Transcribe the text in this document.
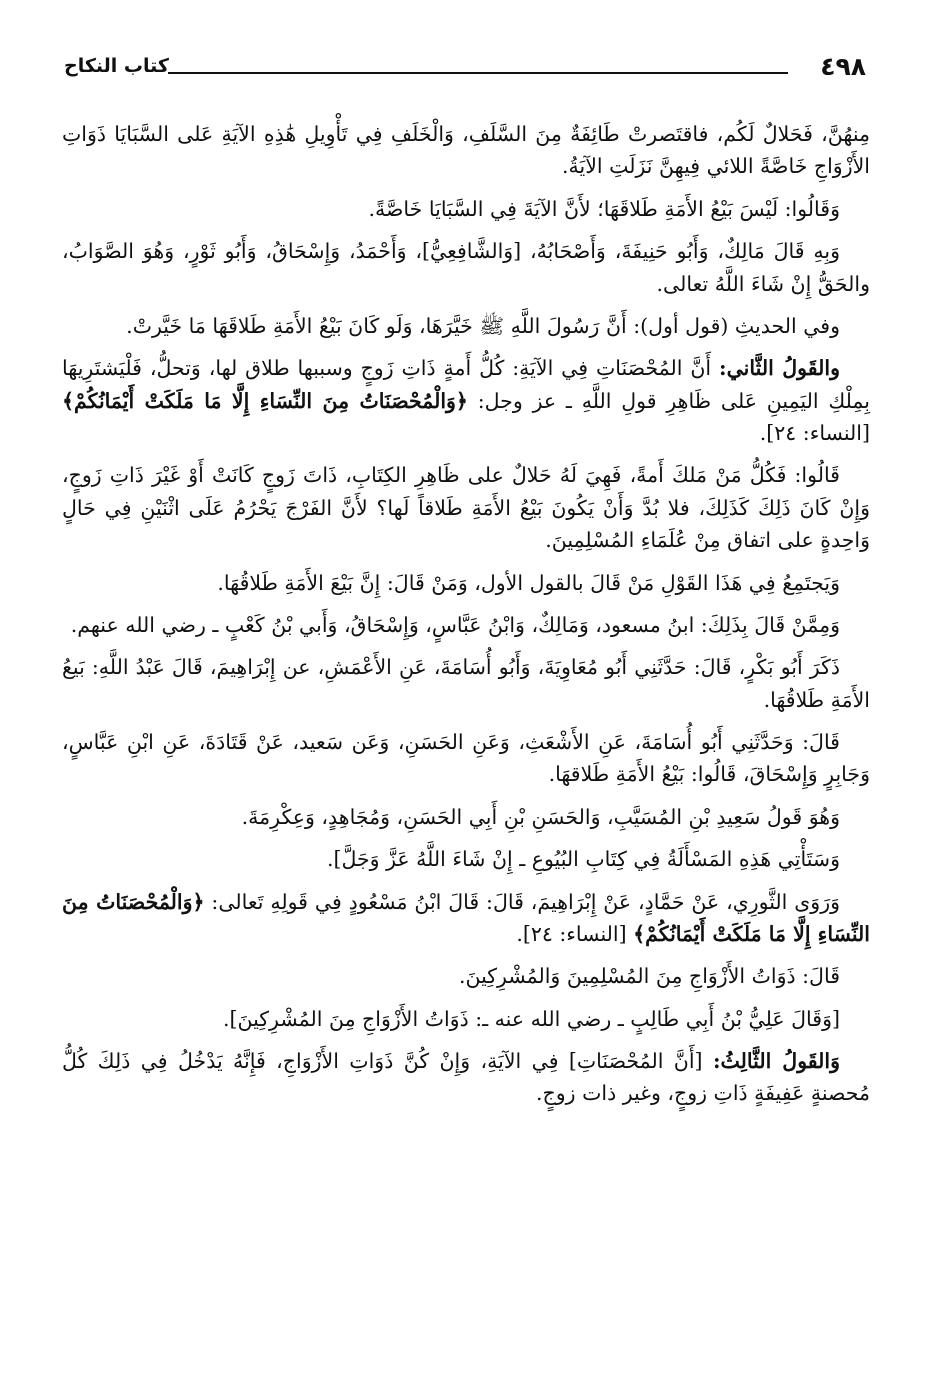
٤٩٨
كتاب النكاح

مِنهُنَّ، فَحَلالٌ لَكُم، فاقتَصرتْ طَائِفَةٌ مِنَ السَّلَفِ، وَالْخَلَفِ فِي تَأْوِيلِ هَٰذِهِ الآيَةِ عَلى السَّبَايَا ذَوَاتِ الأَزْوَاجِ خَاصَّةً اللائي فِيهِنَّ نَزَلَتِ الآيَةُ.

وَقَالُوا: لَيْسَ بَيْعُ الأَمَةِ طَلاقَهَا؛ لأَنَّ الآيَةَ فِي السَّبَايَا خَاصَّةً.

وَبِهِ قَالَ مَالِكٌ، وَأَبُو حَنِيفَةَ، وَأَصْحَابُهُ، [وَالشَّافِعِيُّ]، وَأَحْمَدُ، وَإِسْحَاقُ، وَأَبُو ثَوْرٍ، وَهُوَ الصَّوَابُ، والحَقُّ إِنْ شَاءَ اللَّهُ تعالى.

وفي الحديثِ (قول أول): أَنَّ رَسُولَ اللَّهِ ﷺ خَيَّرَهَا، وَلَو كَانَ بَيْعُ الأَمَةِ طَلاقَهَا مَا خَيَّرتْ.

والقَولُ الثَّاني: أَنَّ المُحْصَنَاتِ فِي الآيَةِ: كُلُّ أَمةٍ ذَاتِ زَوجٍ وسببها طلاق لها، وَتحلُّ، فَلْيَشتَرِيهَا بِمِلْكِ اليَمِينِ عَلى ظَاهِرِ قولِ اللَّهِ ـ عز وجل: ﴿وَالْمُحْصَنَاتُ مِنَ النِّسَاءِ إِلَّا مَا مَلَكَتْ أَيْمَانُكُمْ﴾ [النساء: ٢٤].

قَالُوا: فَكُلُّ مَنْ مَلكَ أَمةً، فَهِيَ لَهُ حَلالٌ على ظَاهِرِ الكِتَابِ، ذَاتَ زَوجٍ كَانَتْ أَوْ غَيْرَ ذَاتِ زَوجٍ، وَإِنْ كَانَ ذَلِكَ كَذَلِكَ، فلا بُدَّ وَأَنْ يَكُونَ بَيْعُ الأَمَةِ طَلاقاً لَها؟ لأَنَّ الفَرْجَ يَحْرُمُ عَلَى اثْنَيْنِ فِي حَالٍ وَاحِدةٍ على اتفاق مِنْ عُلَمَاءِ المُسْلِمِينَ.

وَيَجتَمِعُ فِي هَذَا القَوْلِ مَنْ قَالَ بالقول الأول، وَمَنْ قَالَ: إِنَّ بَيْعَ الأَمَةِ طَلاقُهَا.

وَمِمَّنْ قَالَ بِذَلِكَ: ابنُ مسعود، وَمَالِكٌ، وَابْنُ عَبَّاسٍ، وَإِسْحَاقُ، وَأَبي بْنُ كَعْبٍ ـ رضي الله عنهم.

ذَكَرَ أَبُو بَكْرٍ، قَالَ: حَدَّثَنِي أَبُو مُعَاوِيَةَ، وَأَبُو أُسَامَةَ، عَنِ الأَعْمَشِ، عن إِبْرَاهِيمَ، قَالَ عَبْدُ اللَّهِ: بَيعُ الأَمَةِ طَلاقُهَا.

قَالَ: وَحَدَّثَنِي أَبُو أُسَامَةَ، عَنِ الأَشْعَثِ، وَعَنِ الحَسَنِ، وَعَن سَعيد، عَنْ قَتَادَةَ، عَنِ ابْنِ عَبَّاسٍ، وَجَابِرٍ وَإِسْحَاقَ، قَالُوا: بَيْعُ الأَمَةِ طَلاقهَا.

وَهُوَ قَولُ سَعِيدِ بْنِ المُسَيَّبِ، وَالحَسَنِ بْنِ أَبِي الحَسَنِ، وَمُجَاهِدٍ، وَعِكْرِمَةَ.

وَسَتَأْتِي هَذِهِ المَسْأَلَةُ فِي كِتَابِ البُيُوعِ ـ إِنْ شَاءَ اللَّهُ عَزَّ وَجَلَّ].

وَرَوَى الثَّورِي، عَنْ حَمَّادٍ، عَنْ إِبْرَاهِيمَ، قَالَ: قَالَ ابْنُ مَسْعُودٍ فِي قَولِهِ تَعالى: ﴿وَالْمُحْصَنَاتُ مِنَ النِّسَاءِ إِلَّا مَا مَلَكَتْ أَيْمَانُكُمْ﴾ [النساء: ٢٤].

قَالَ: ذَوَاتُ الأَزْوَاجِ مِنَ المُسْلِمِينَ وَالمُشْرِكِينَ.

[وَقَالَ عَلِيُّ بْنُ أَبِي طَالِبٍ ـ رضي الله عنه ـ: ذَوَاتُ الأَزْوَاجِ مِنَ المُشْرِكِينَ].

وَالقَولُ الثَّالِثُ: [أَنَّ المُحْصَنَاتِ] فِي الآيَةِ، وَإِنْ كُنَّ ذَوَاتِ الأَزْوَاجِ، فَإِنَّهُ يَدْخُلُ فِي ذَلِكَ كُلُّ مُحصنةٍ عَفِيفَةٍ ذَاتِ زوجٍ، وغير ذات زوجٍ.
